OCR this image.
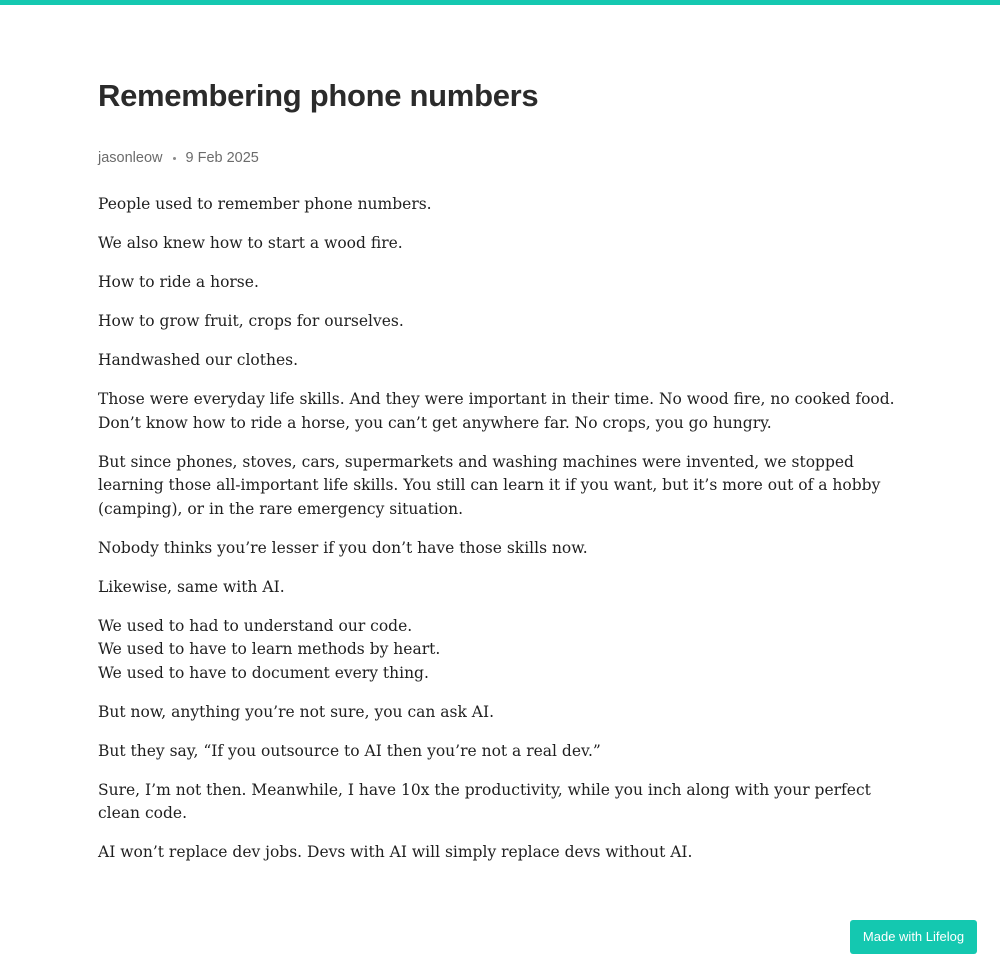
Remembering phone numbers
jasonleow 9 Feb 2025

People used to remember phone numbers.

We also knew how to start a wood fire.

How to ride a horse.

How to grow fruit, crops for ourselves.

Handwashed our clothes.

Those were everyday life skills. And they were important in their time. No wood fire, no cooked food. Don’t know how to ride a horse, you can’t get anywhere far. No crops, you go hungry.

But since phones, stoves, cars, supermarkets and washing machines were invented, we stopped learning those all-important life skills. You still can learn it if you want, but it’s more out of a hobby (camping), or in the rare emergency situation.

Nobody thinks you’re lesser if you don’t have those skills now.

Likewise, same with AI.

We used to had to understand our code.
We used to have to learn methods by heart.
We used to have to document every thing.

But now, anything you’re not sure, you can ask AI.

But they say, “If you outsource to AI then you’re not a real dev.”

Sure, I’m not then. Meanwhile, I have 10x the productivity, while you inch along with your perfect clean code.

AI won’t replace dev jobs. Devs with AI will simply replace devs without AI.

Made with Lifelog
